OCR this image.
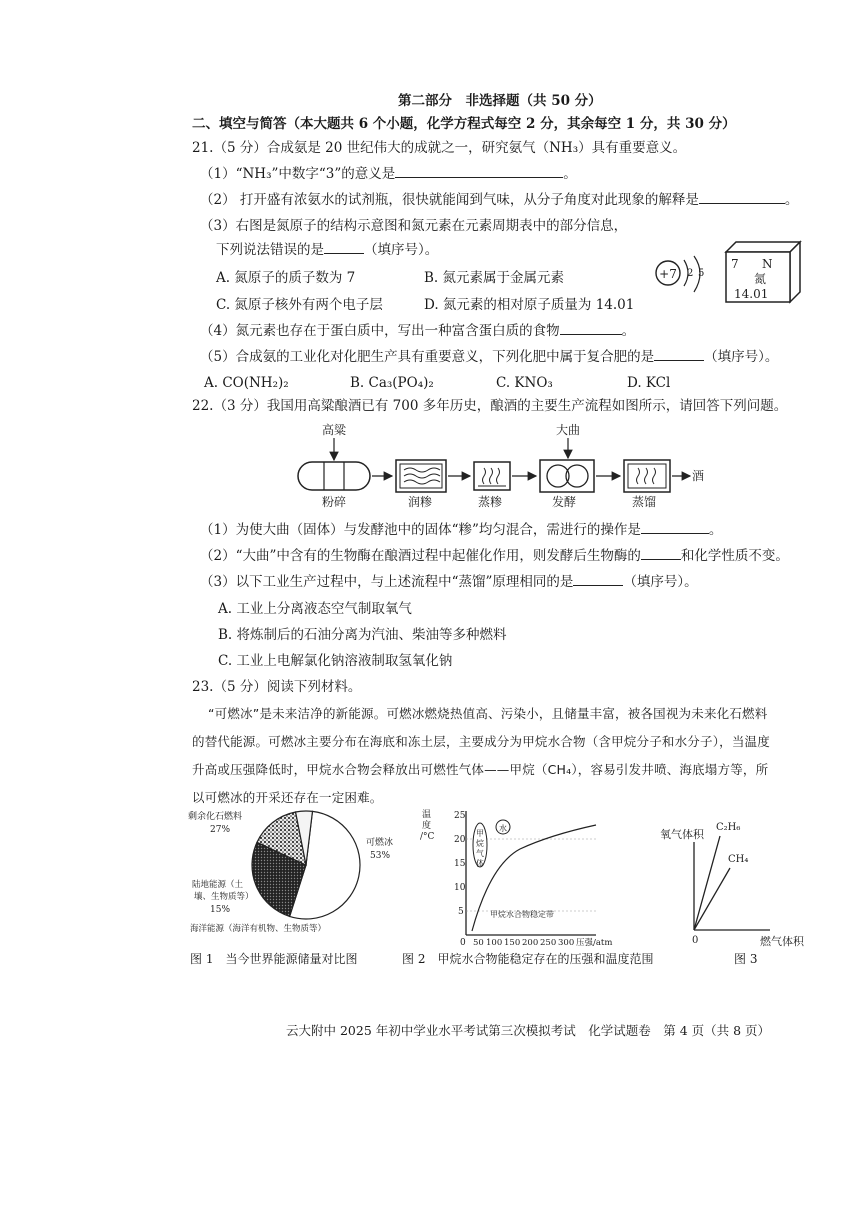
第二部分　非选择题（共 50 分）
二、填空与简答（本大题共 6 个小题，化学方程式每空 2 分，其余每空 1 分，共 30 分）
21.（5 分）合成氨是 20 世纪伟大的成就之一，研究氨气（NH₃）具有重要意义。
（1）“NH₃”中数字“3”的意义是	。
（2） 打开盛有浓氨水的试剂瓶，很快就能闻到气味，从分子角度对此现象的解释是	。
（3）右图是氮原子的结构示意图和氮元素在元素周期表中的部分信息，
下列说法错误的是	（填序号）。
A. 氮原子的质子数为 7	B. 氮元素属于金属元素
C. 氮原子核外有两个电子层	D. 氮元素的相对原子质量为 14.01
+7 2 5
7 N
氮
14.01
（4）氮元素也存在于蛋白质中，写出一种富含蛋白质的食物	。
（5）合成氨的工业化对化肥生产具有重要意义，下列化肥中属于复合肥的是	（填序号）。
A. CO(NH₂)₂	B. Ca₃(PO₄)₂	C. KNO₃	D. KCl
22.（3 分）我国用高粱酿酒已有 700 多年历史，酿酒的主要生产流程如图所示，请回答下列问题。
高粱
粉碎	润糁	蒸糁
大曲
发酵	蒸馏
酒
（1）为使大曲（固体）与发酵池中的固体“糁”均匀混合，需进行的操作是	。
（2）“大曲”中含有的生物酶在酿酒过程中起催化作用，则发酵后生物酶的	和化学性质不变。
（3）以下工业生产过程中，与上述流程中“蒸馏”原理相同的是	（填序号）。
A. 工业上分离液态空气制取氧气
B. 将炼制后的石油分离为汽油、柴油等多种燃料
C. 工业上电解氯化钠溶液制取氢氧化钠
23.（5 分）阅读下列材料。
“可燃冰”是未来洁净的新能源。可燃冰燃烧热值高、污染小，且储量丰富，被各国视为未来化石燃料
的替代能源。可燃冰主要分布在海底和冻土层，主要成分为甲烷水合物（含甲烷分子和水分子），当温度
升高或压强降低时，甲烷水合物会释放出可燃性气体——甲烷（CH₄），容易引发井喷、海底塌方等，所
以可燃冰的开采还存在一定困难。
剩余化石燃料
27%
可燃冰
53%
陆地能源（土
壤、生物质等）
15%
海洋能源（海洋有机物、生物质等）
图 1　当今世界能源储量对比图
温
度
/°C
25
20
15
10
5
0
甲
烷
气
体
水
甲烷水合物稳定带
50 100 150 200 250 300 压强/atm
图 2　甲烷水合物能稳定存在的压强和温度范围
氧气体积
C₂H₆
CH₄
0	燃气体积
图 3
云大附中 2025 年初中学业水平考试第三次模拟考试　化学试题卷　第 4 页（共 8 页）
